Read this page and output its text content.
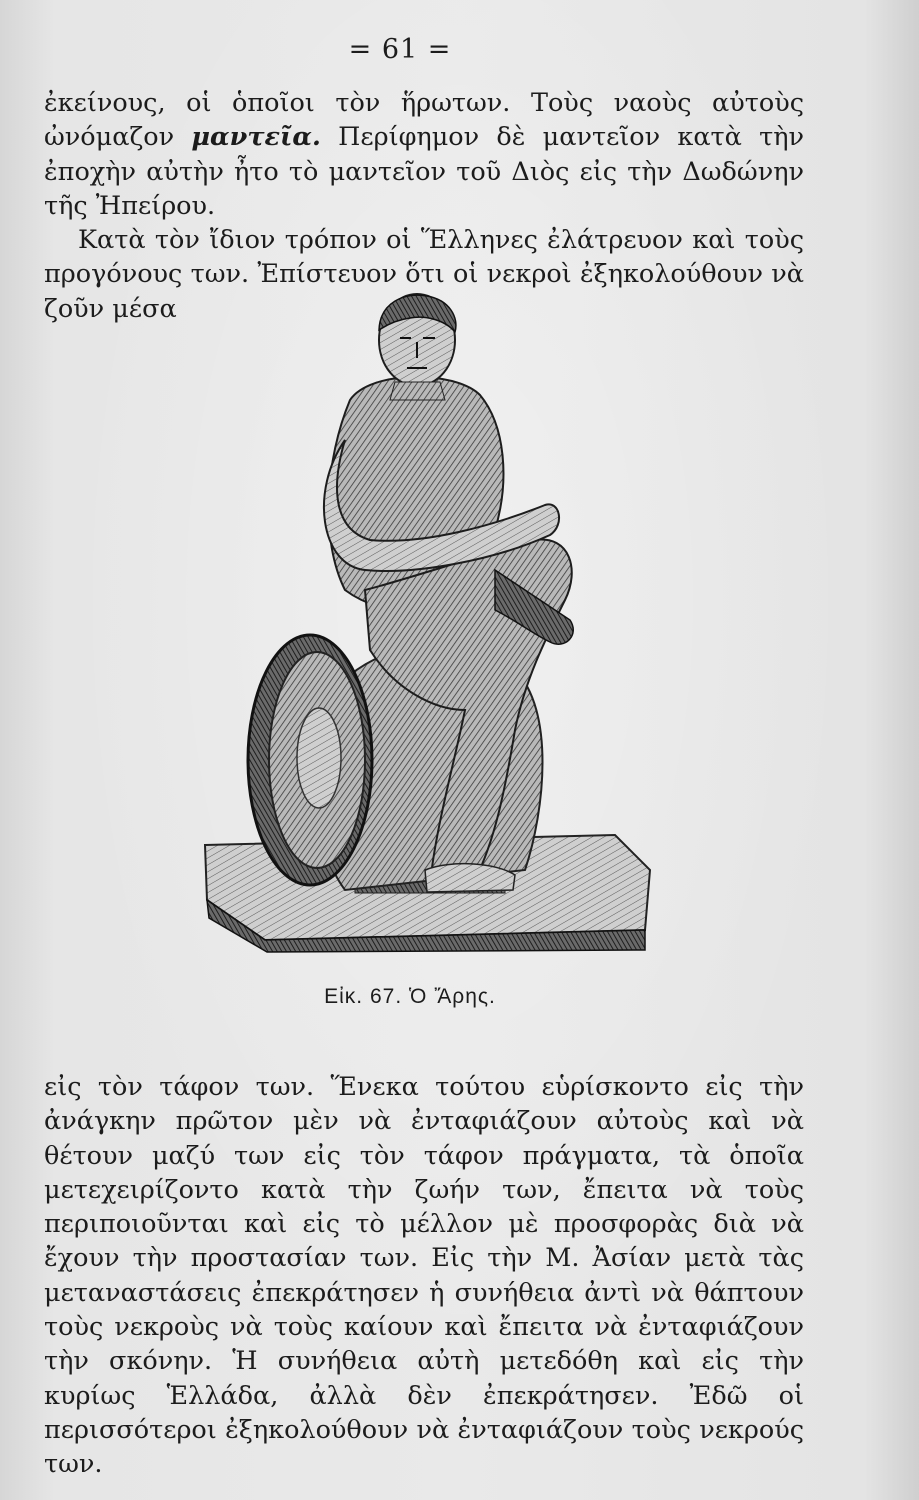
= 61 =

ἐκείνους, οἱ ὁποῖοι τὸν ἥρωτων. Τοὺς ναοὺς αὐτοὺς ὠνόμαζον μαντεῖα. Περίφημον δὲ μαντεῖον κατὰ τὴν ἐποχὴν αὐτὴν ἦτο τὸ μαντεῖον τοῦ Διὸς εἰς τὴν Δωδώνην τῆς Ἠπείρου.

Κατὰ τὸν ἴδιον τρόπον οἱ Ἕλληνες ἐλάτρευον καὶ τοὺς προγόνους των. Ἐπίστευον ὅτι οἱ νεκροὶ ἐξηκολούθουν νὰ ζοῦν μέσα

Εἰκ. 67. Ὁ Ἄρης.

εἰς τὸν τάφον των. Ἕνεκα τούτου εὑρίσκοντο εἰς τὴν ἀνάγκην πρῶτον μὲν νὰ ἐνταφιάζουν αὐτοὺς καὶ νὰ θέτουν μαζύ των εἰς τὸν τάφον πράγματα, τὰ ὁποῖα μετεχειρίζοντο κατὰ τὴν ζωήν των, ἔπειτα νὰ τοὺς περιποιοῦνται καὶ εἰς τὸ μέλλον μὲ προσφορὰς διὰ νὰ ἔχουν τὴν προστασίαν των. Εἰς τὴν Μ. Ἀσίαν μετὰ τὰς μεταναστάσεις ἐπεκράτησεν ἡ συνήθεια ἀντὶ νὰ θάπτουν τοὺς νεκροὺς νὰ τοὺς καίουν καὶ ἔπειτα νὰ ἐνταφιάζουν τὴν σκόνην. Ἡ συνήθεια αὐτὴ μετεδόθη καὶ εἰς τὴν κυρίως Ἑλλάδα, ἀλλὰ δὲν ἐπεκράτησεν. Ἐδῶ οἱ περισσότεροι ἐξηκολούθουν νὰ ἐνταφιάζουν τοὺς νεκρούς των.
